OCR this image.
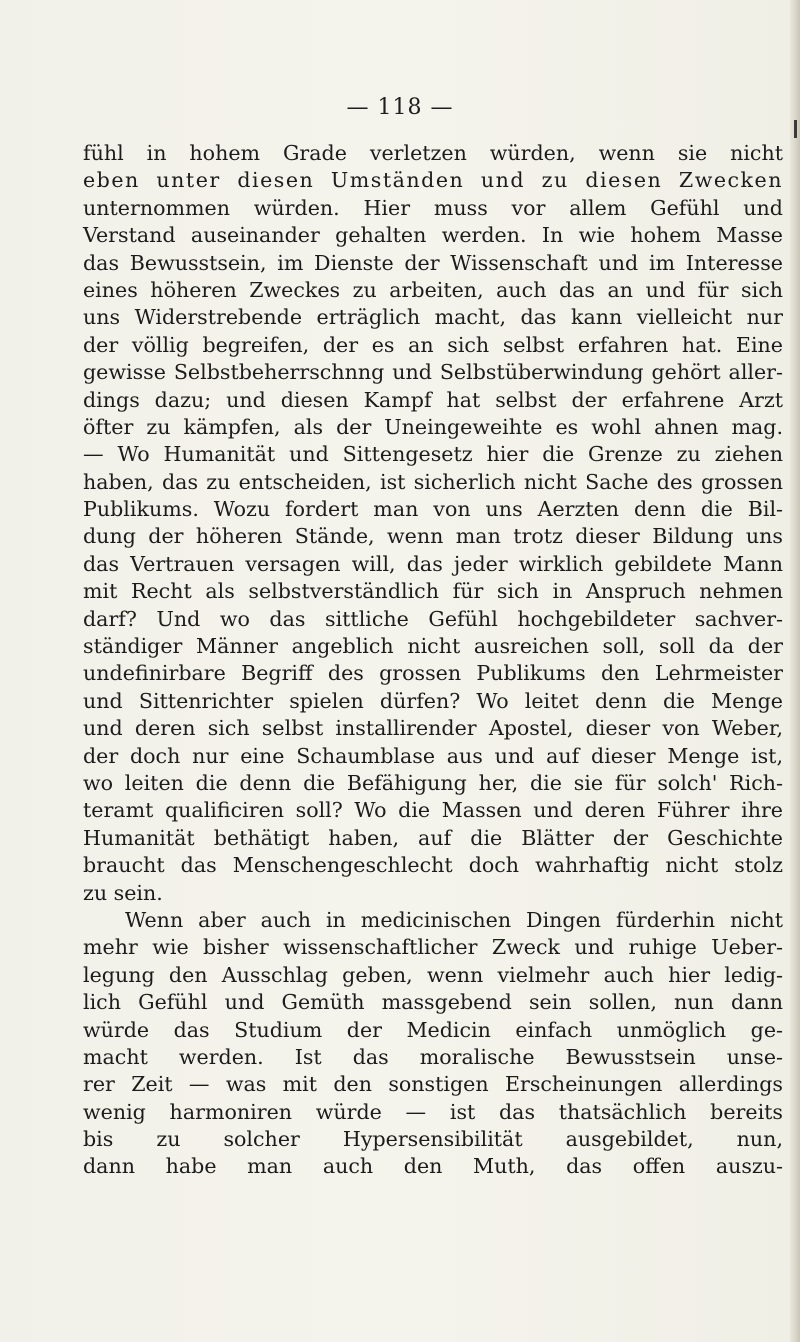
— 118 —
fühl in hohem Grade verletzen würden, wenn sie nicht
eben unter diesen Umständen und zu diesen Zwecken
unternommen würden. Hier muss vor allem Gefühl und
Verstand auseinander gehalten werden. In wie hohem Masse
das Bewusstsein, im Dienste der Wissenschaft und im Interesse
eines höheren Zweckes zu arbeiten, auch das an und für sich
uns Widerstrebende erträglich macht, das kann vielleicht nur
der völlig begreifen, der es an sich selbst erfahren hat. Eine
gewisse Selbstbeherrschnng und Selbstüberwindung gehört aller-
dings dazu; und diesen Kampf hat selbst der erfahrene Arzt
öfter zu kämpfen, als der Uneingeweihte es wohl ahnen mag.
— Wo Humanität und Sittengesetz hier die Grenze zu ziehen
haben, das zu entscheiden, ist sicherlich nicht Sache des grossen
Publikums. Wozu fordert man von uns Aerzten denn die Bil-
dung der höheren Stände, wenn man trotz dieser Bildung uns
das Vertrauen versagen will, das jeder wirklich gebildete Mann
mit Recht als selbstverständlich für sich in Anspruch nehmen
darf? Und wo das sittliche Gefühl hochgebildeter sachver-
ständiger Männer angeblich nicht ausreichen soll, soll da der
undefinirbare Begriff des grossen Publikums den Lehrmeister
und Sittenrichter spielen dürfen? Wo leitet denn die Menge
und deren sich selbst installirender Apostel, dieser von Weber,
der doch nur eine Schaumblase aus und auf dieser Menge ist,
wo leiten die denn die Befähigung her, die sie für solch' Rich-
teramt qualificiren soll? Wo die Massen und deren Führer ihre
Humanität bethätigt haben, auf die Blätter der Geschichte
braucht das Menschengeschlecht doch wahrhaftig nicht stolz
zu sein.
Wenn aber auch in medicinischen Dingen fürderhin nicht
mehr wie bisher wissenschaftlicher Zweck und ruhige Ueber-
legung den Ausschlag geben, wenn vielmehr auch hier ledig-
lich Gefühl und Gemüth massgebend sein sollen, nun dann
würde das Studium der Medicin einfach unmöglich ge-
macht werden. Ist das moralische Bewusstsein unse-
rer Zeit — was mit den sonstigen Erscheinungen allerdings
wenig harmoniren würde — ist das thatsächlich bereits
bis zu solcher Hypersensibilität ausgebildet, nun,
dann habe man auch den Muth, das offen auszu-
